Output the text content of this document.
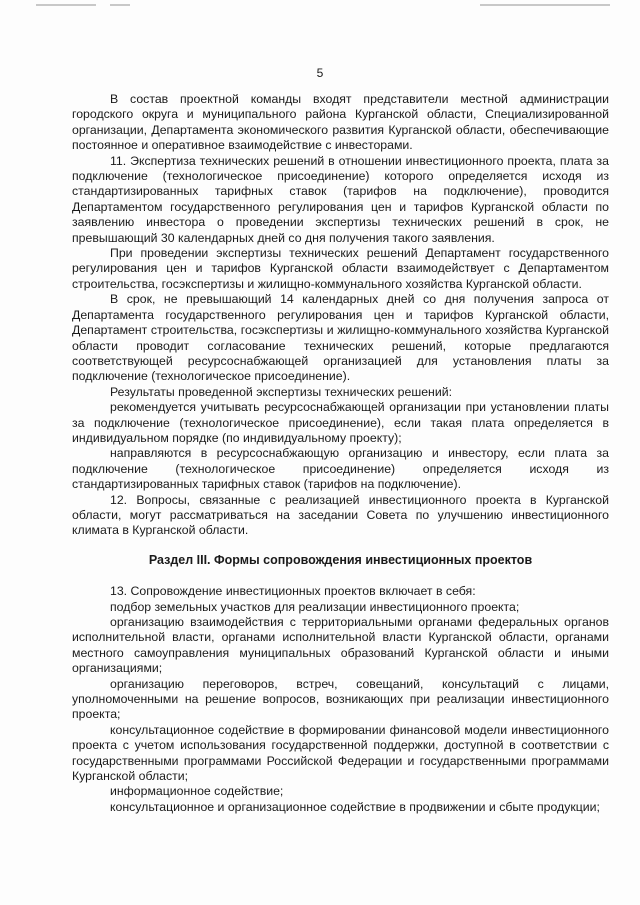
5

В состав проектной команды входят представители местной администрации городского округа и муниципального района Курганской области, Специализированной организации, Департамента экономического развития Курганской области, обеспечивающие постоянное и оперативное взаимодействие с инвесторами.

11. Экспертиза технических решений в отношении инвестиционного проекта, плата за подключение (технологическое присоединение) которого определяется исходя из стандартизированных тарифных ставок (тарифов на подключение), проводится Департаментом государственного регулирования цен и тарифов Курганской области по заявлению инвестора о проведении экспертизы технических решений в срок, не превышающий 30 календарных дней со дня получения такого заявления.

При проведении экспертизы технических решений Департамент государственного регулирования цен и тарифов Курганской области взаимодействует с Департаментом строительства, госэкспертизы и жилищно-коммунального хозяйства Курганской области.

В срок, не превышающий 14 календарных дней со дня получения запроса от Департамента государственного регулирования цен и тарифов Курганской области, Департамент строительства, госэкспертизы и жилищно-коммунального хозяйства Курганской области проводит согласование технических решений, которые предлагаются соответствующей ресурсоснабжающей организацией для установления платы за подключение (технологическое присоединение).

Результаты проведенной экспертизы технических решений:

рекомендуется учитывать ресурсоснабжающей организации при установлении платы за подключение (технологическое присоединение), если такая плата определяется в индивидуальном порядке (по индивидуальному проекту);

направляются в ресурсоснабжающую организацию и инвестору, если плата за подключение (технологическое присоединение) определяется исходя из стандартизированных тарифных ставок (тарифов на подключение).

12. Вопросы, связанные с реализацией инвестиционного проекта в Курганской области, могут рассматриваться на заседании Совета по улучшению инвестиционного климата в Курганской области.

Раздел III. Формы сопровождения инвестиционных проектов

13. Сопровождение инвестиционных проектов включает в себя:

подбор земельных участков для реализации инвестиционного проекта;

организацию взаимодействия с территориальными органами федеральных органов исполнительной власти, органами исполнительной власти Курганской области, органами местного самоуправления муниципальных образований Курганской области и иными организациями;

организацию переговоров, встреч, совещаний, консультаций с лицами, уполномоченными на решение вопросов, возникающих при реализации инвестиционного проекта;

консультационное содействие в формировании финансовой модели инвестиционного проекта с учетом использования государственной поддержки, доступной в соответствии с государственными программами Российской Федерации и государственными программами Курганской области;

информационное содействие;

консультационное и организационное содействие в продвижении и сбыте продукции;
